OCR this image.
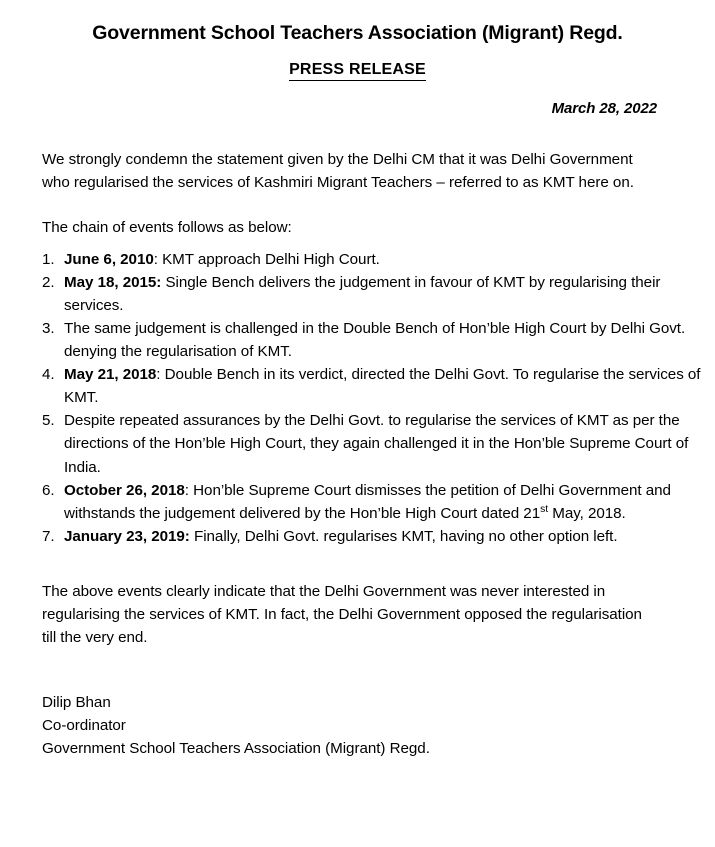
Government School Teachers Association (Migrant) Regd.
PRESS RELEASE
March 28, 2022

We strongly condemn the statement given by the Delhi CM that it was Delhi Government who regularised the services of Kashmiri Migrant Teachers – referred to as KMT here on.

The chain of events follows as below:

June 6, 2010: KMT approach Delhi High Court.
May 18, 2015: Single Bench delivers the judgement in favour of KMT by regularising their services.
The same judgement is challenged in the Double Bench of Hon’ble High Court by Delhi Govt. denying the regularisation of KMT.
May 21, 2018: Double Bench in its verdict, directed the Delhi Govt. To regularise the services of KMT.
Despite repeated assurances by the Delhi Govt. to regularise the services of KMT as per the directions of the Hon’ble High Court, they again challenged it in the Hon’ble Supreme Court of India.
October 26, 2018: Hon’ble Supreme Court dismisses the petition of Delhi Government and withstands the judgement delivered by the Hon’ble High Court dated 21st May, 2018.
January 23, 2019: Finally, Delhi Govt. regularises KMT, having no other option left.

The above events clearly indicate that the Delhi Government was never interested in regularising the services of KMT. In fact, the Delhi Government opposed the regularisation till the very end.

Dilip Bhan
Co-ordinator
Government School Teachers Association (Migrant) Regd.
